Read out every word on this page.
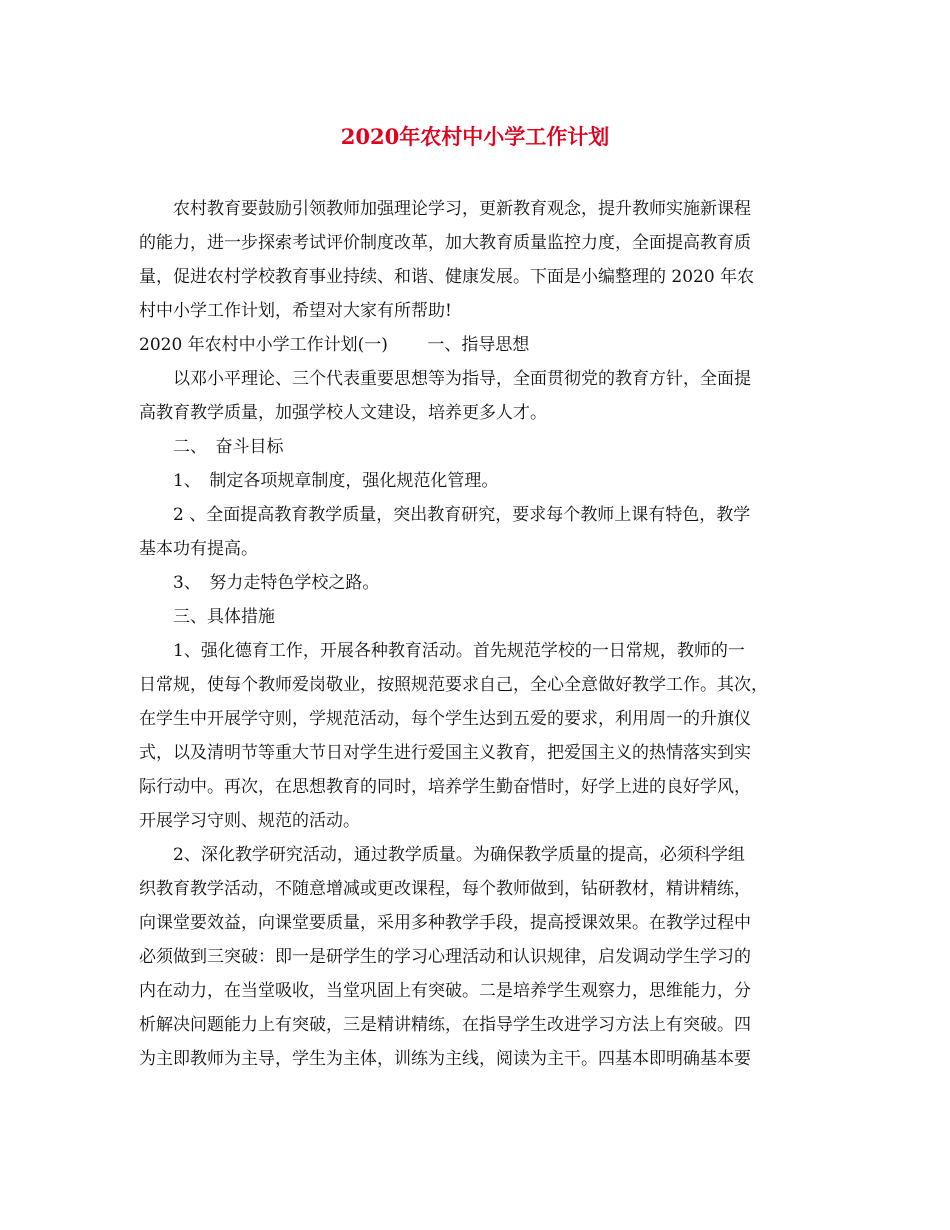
2020年农村中小学工作计划

农村教育要鼓励引领教师加强理论学习，更新教育观念，提升教师实施新课程

的能力，进一步探索考试评价制度改革，加大教育质量监控力度，全面提高教育质

量，促进农村学校教育事业持续、和谐、健康发展。下面是小编整理的 2020 年农

村中小学工作计划，希望对大家有所帮助!

2020 年农村中小学工作计划(一)　　 一、指导思想

以邓小平理论、三个代表重要思想等为指导，全面贯彻党的教育方针，全面提

高教育教学质量，加强学校人文建设，培养更多人才。

二、　奋斗目标

1、　制定各项规章制度，强化规范化管理。

2 、全面提高教育教学质量，突出教育研究，要求每个教师上课有特色，教学

基本功有提高。

3、　努力走特色学校之路。

三、具体措施

1、强化德育工作，开展各种教育活动。首先规范学校的一日常规，教师的一

日常规，使每个教师爱岗敬业，按照规范要求自己，全心全意做好教学工作。其次，

在学生中开展学守则，学规范活动，每个学生达到五爱的要求，利用周一的升旗仪

式，以及清明节等重大节日对学生进行爱国主义教育，把爱国主义的热情落实到实

际行动中。再次，在思想教育的同时，培养学生勤奋惜时，好学上进的良好学风，

开展学习守则、规范的活动。

2、深化教学研究活动，通过教学质量。为确保教学质量的提高，必须科学组

织教育教学活动，不随意增减或更改课程，每个教师做到，钻研教材，精讲精练，

向课堂要效益，向课堂要质量，采用多种教学手段，提高授课效果。在教学过程中

必须做到三突破：即一是研学生的学习心理活动和认识规律，启发调动学生学习的

内在动力，在当堂吸收，当堂巩固上有突破。二是培养学生观察力，思维能力，分

析解决问题能力上有突破，三是精讲精练，在指导学生改进学习方法上有突破。四

为主即教师为主导，学生为主体，训练为主线，阅读为主干。四基本即明确基本要
